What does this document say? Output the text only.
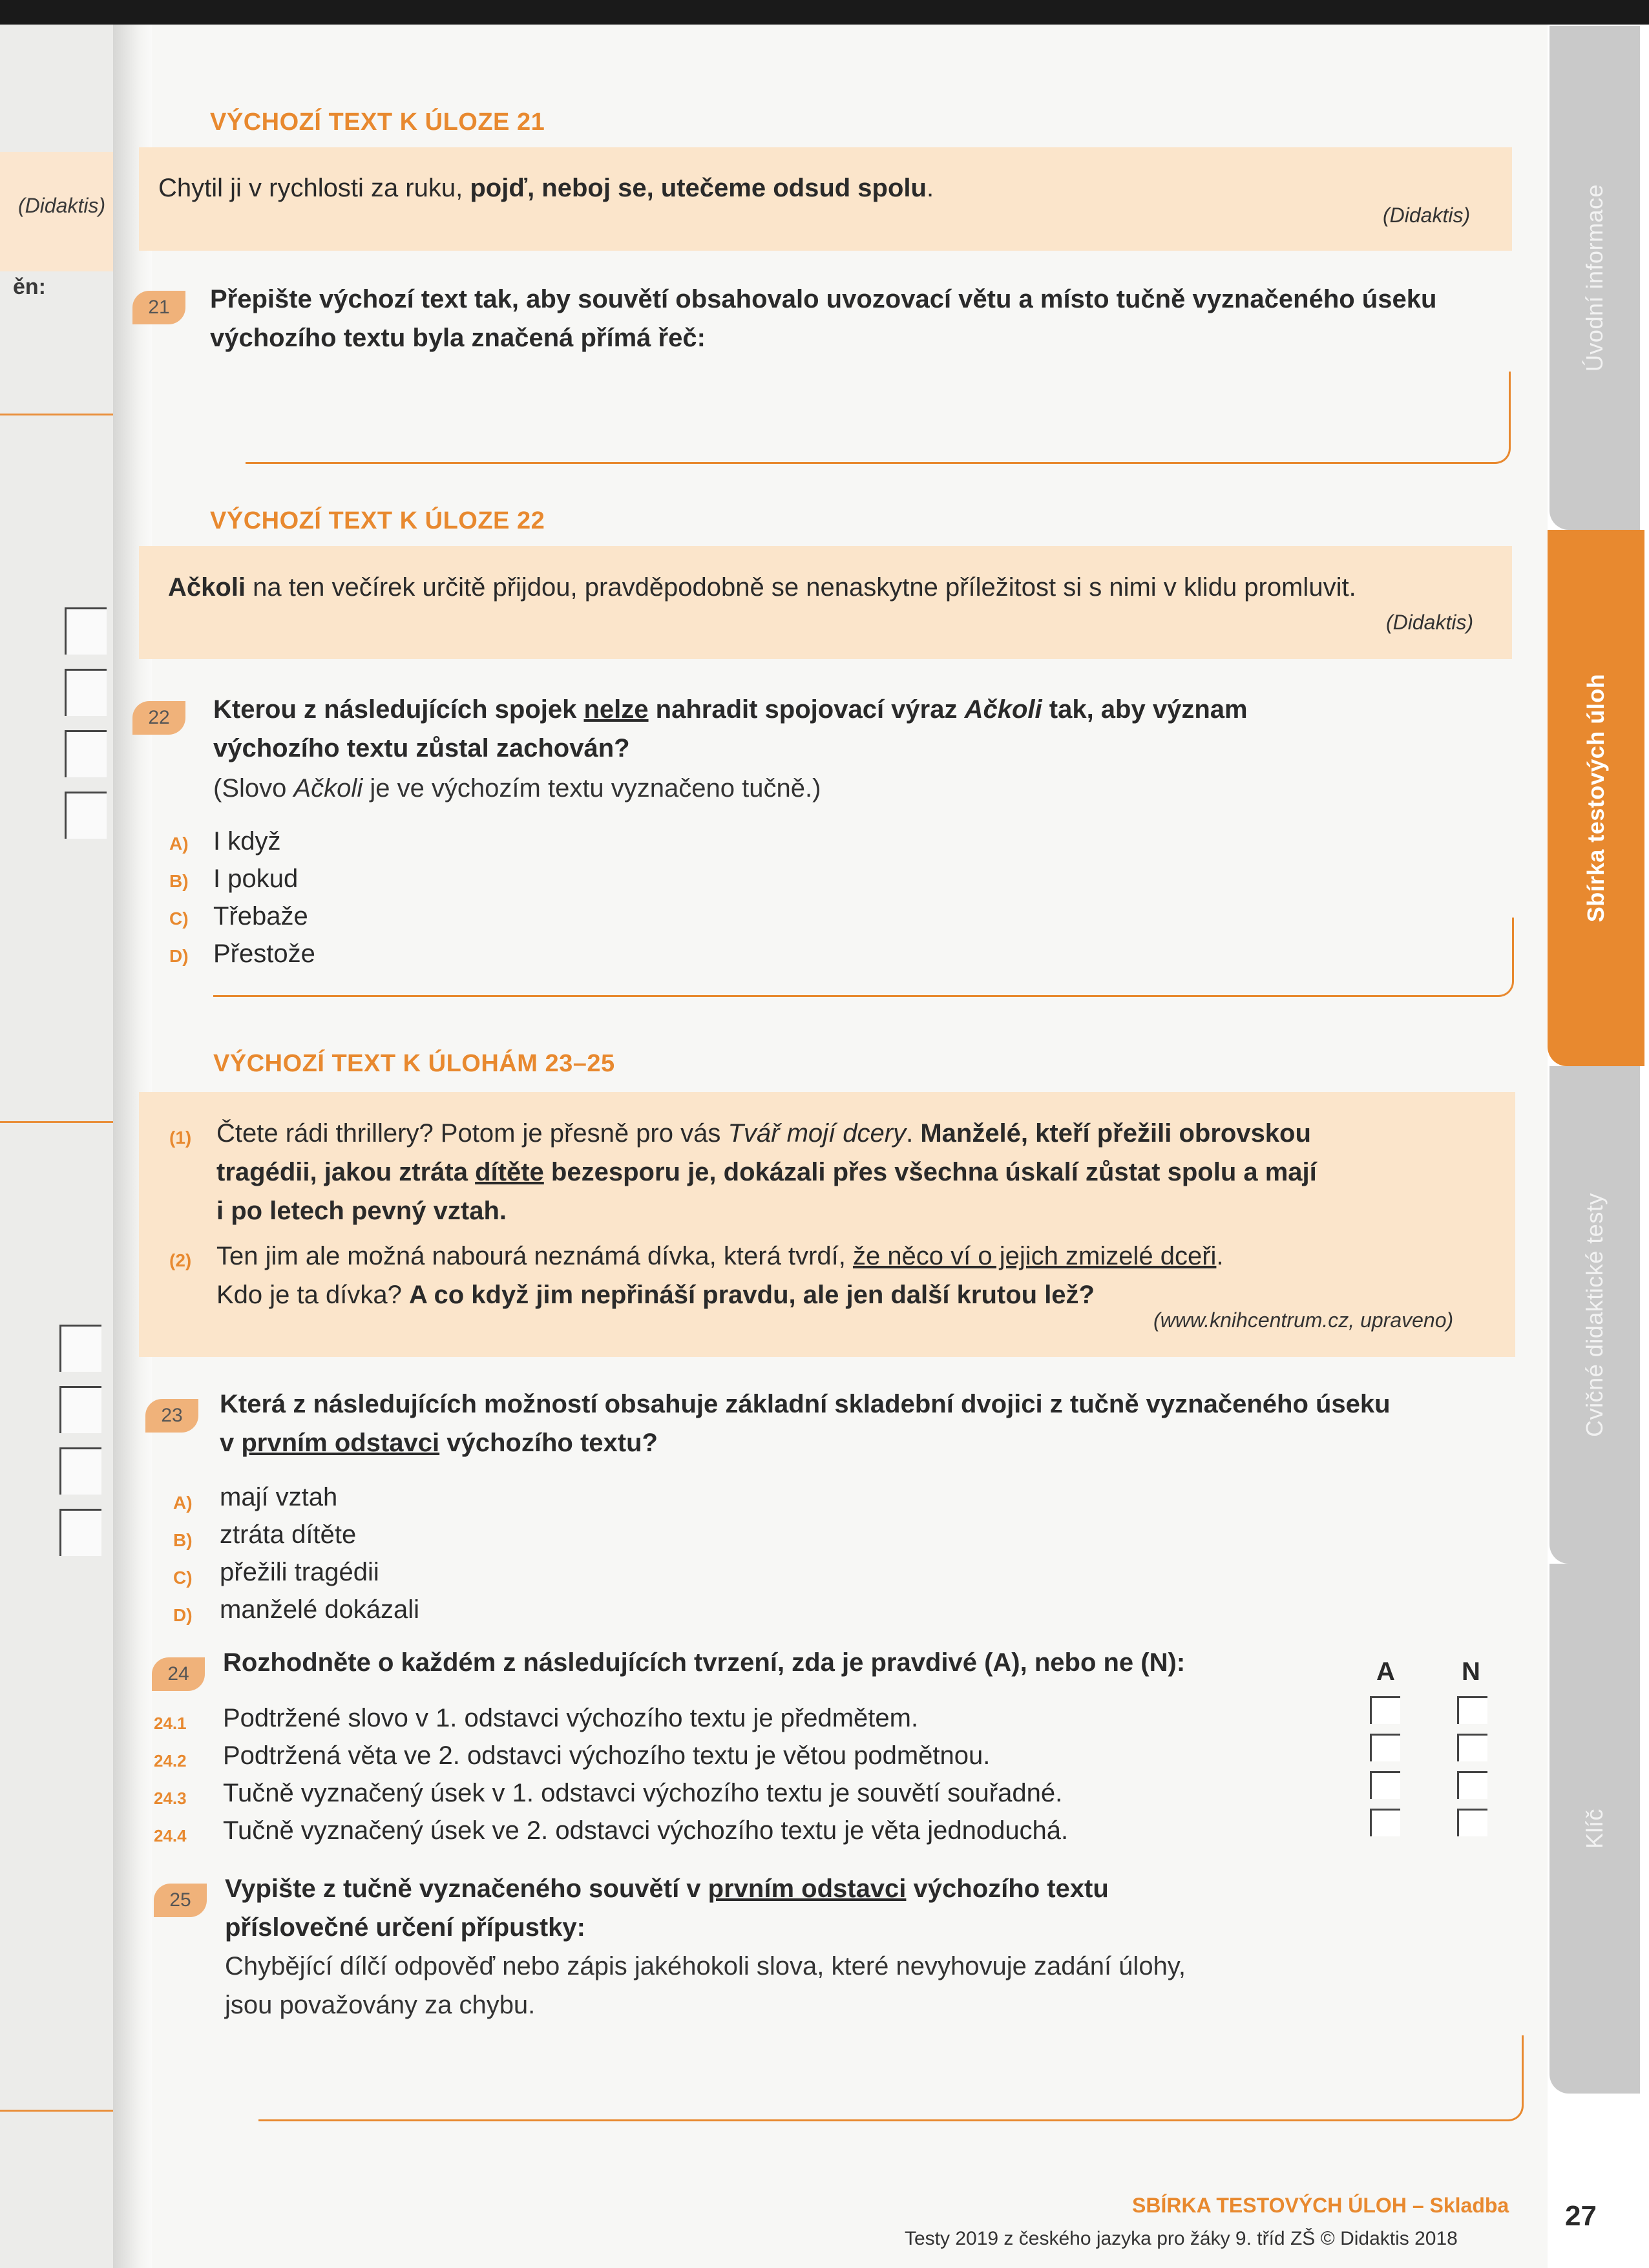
(Didaktis)
ěn:	Úvodní informace
Sbírka testových úloh
Cvičné didaktické testy
Klíč
VÝCHOZÍ TEXT K ÚLOZE 21
Chytil ji v rychlosti za ruku, pojď, neboj se, utečeme odsud spolu.
(Didaktis)
21	Přepište výchozí text tak, aby souvětí obsahovalo uvozovací větu a místo tučně vyznačeného úseku
výchozího textu byla značená přímá řeč:
VÝCHOZÍ TEXT K ÚLOZE 22
Ačkoli na ten večírek určitě přijdou, pravděpodobně se nenaskytne příležitost si s nimi v klidu promluvit.
(Didaktis)
22	Kterou z následujících spojek nelze nahradit spojovací výraz Ačkoli tak, aby význam
výchozího textu zůstal zachován?
(Slovo Ačkoli je ve výchozím textu vyznačeno tučně.)
A) I když
B) I pokud
C) Třebaže
D) Přestože
VÝCHOZÍ TEXT K ÚLOHÁM 23–25
(1) Čtete rádi thrillery? Potom je přesně pro vás Tvář mojí dcery. Manželé, kteří přežili obrovskou
tragédii, jakou ztráta dítěte bezesporu je, dokázali přes všechna úskalí zůstat spolu a mají
i po letech pevný vztah.
(2) Ten jim ale možná nabourá neznámá dívka, která tvrdí, že něco ví o jejich zmizelé dceři.
Kdo je ta dívka? A co když jim nepřináší pravdu, ale jen další krutou lež?
(www.knihcentrum.cz, upraveno)
23	Která z následujících možností obsahuje základní skladební dvojici z tučně vyznačeného úseku
v prvním odstavci výchozího textu?
A) mají vztah
B) ztráta dítěte
C) přežili tragédii
D) manželé dokázali
24	Rozhodněte o každém z následujících tvrzení, zda je pravdivé (A), nebo ne (N):	A	N
24.1 Podtržené slovo v 1. odstavci výchozího textu je předmětem.
24.2 Podtržená věta ve 2. odstavci výchozího textu je větou podmětnou.
24.3 Tučně vyznačený úsek v 1. odstavci výchozího textu je souvětí souřadné.
24.4 Tučně vyznačený úsek ve 2. odstavci výchozího textu je věta jednoduchá.
25	Vypište z tučně vyznačeného souvětí v prvním odstavci výchozího textu
příslovečné určení přípustky:
Chybějící dílčí odpověď nebo zápis jakéhokoli slova, které nevyhovuje zadání úlohy,
jsou považovány za chybu.
SBÍRKA TESTOVÝCH ÚLOH – Skladba
Testy 2019 z českého jazyka pro žáky 9. tříd ZŠ © Didaktis 2018
27
